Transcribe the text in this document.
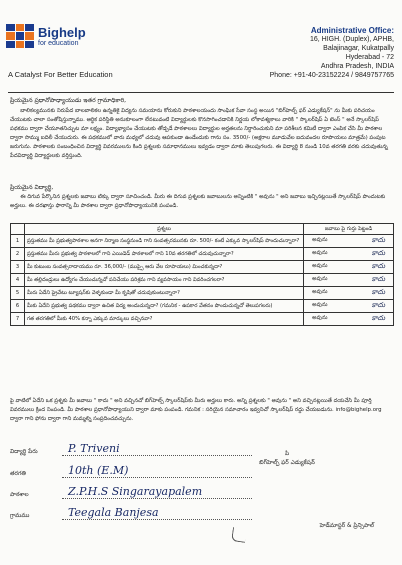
Bighelp
for education
A Catalyst For Better Education
Administrative Office:
16, HIGH. (Duplex), APHB,
Balajinagar, Kukatpally
Hyderabad - 72
Andhra Pradesh, INDIA
Phone: +91-40-23152224 / 9849757765
ప్రియమైన ప్రధానోపాధ్యాయుడు ఇతర గ్రామాధికారి,
బాలికల్యమునకు నిరుపేద బాలబాలికల ఉన్నతికై విద్యను సమయాను కోరుకుని పాఠశాలయందు సాంఘిక సేవా సంస్థ అయిన "బిగ్‌హెల్ప్ ఫర్ ఎడ్యుకేషన్" ను మీకు పరిచయం చేయుటకు చాలా సంతోషిస్తున్నాము. ఆర్థిక పరిస్థితి అనుకూలంగా లేనటువంటి విద్యార్థులకు కొనసాగించడానికి నిర్ణయ లోకావశ్యకాలు వారికి " స్కాలర్‌షిప్ ఏ టెంస్ " అనే స్కాలర్‌షిప్ పథకము ద్వారా చేయూతనిచ్చుట మా లక్ష్యం. విద్యాభ్యాసం చేయుటకు తోడ్పడే పాఠశాలలు విద్యార్థుల అర్హతలను నిర్ధారించుకుని మా పరిశీలన కమిటీ ద్వారా ఎంపిక చేసి మీ పాఠశాల ద్వారా సొమ్ము బదిలీ చేయుదురు. ఈ పథకములో వారు మధ్యలో చదువు ఆపకుండా ఉండేందుకు గాను సం. 3500/- (అక్షరాల మూడువేల ఐదువందల రూపాయలు మాత్రమే) పంపుట జరుగును. పాఠశాలకు సంబంధించిన విద్యార్థి వివరములను కింది ప్రశ్నలకు సమాధానములు ఇవ్వడం ద్వారా మాకు తెలుపుగలరు. ఈ విద్యార్థి 8 నుండి 10వ తరగతి వరకు చదువుతున్న పేదవిద్యార్థి విద్యార్థులకు వర్తిస్తుంది.
ప్రియమైన విద్యార్థి,
ఈ దిగువ పేర్కొనిన ప్రశ్నలకు జవాబు టిక్కు ద్వారా సూచించండి. మీరు ఈ దిగువ ప్రశ్నలకు జవాబులను అన్నింటికి " అవును " అని జవాబు ఇచ్చినట్లయితే స్కాలర్‌షిప్ పొందుటకు అర్హులు. ఈ దరఖాస్తు ఫారాన్ని మీ పాఠశాల ద్వారా ప్రధానోపాధ్యాయునికి పంపండి.
	ప్రశ్నలు	జవాబు పై గుర్తు పెట్టండి
1	ప్రస్తుతము మీ ప్రభుత్వపాఠశాల అనగా నిర్మాణ సంస్థనుండి గాని సంవత్సరమునకు రూ. 500/- కంటే ఎక్కువ స్కాలర్‌షిప్ పొందుచున్నారా?	అవును కాదు

2	ప్రస్తుతము మీరు ప్రభుత్వ పాఠశాలలో గాని ఎయిడెడ్ పాఠశాలలో గాని 10వ తరగతిలో చదువుచున్నారా?	అవును కాదు

3	మీ కుటుంబ సంవత్సరాదాయము రూ. 36,000/- (ముప్పై ఆరు వేల రూపాయలు) మించకున్నదా?	అవును కాదు

4	మీ తల్లిదండ్రులు ఉద్యోగం చేయుచున్నచో పనిచేయు పరిశ్రమ గాని వ్యవసాయం గాని వివరించగలరా?	అవును కాదు

5	మీరు ఏదేని ప్రైవేటు ట్యూషన్‌కు వెళ్ళకుండా మీ కృషితో చదువుకుంటున్నారా?	అవును కాదు

6	మీకు ఏదేని ప్రభుత్వ పథకము ద్వారా ఉచిత విద్య అందుచున్నదా? (గమనిక - ఉపకార వేతనం పొందుచున్నచో తెలుపగలరు)	అవును కాదు

7	గత తరగతిలో మీకు 40% కన్నా ఎక్కువ మార్కులు వచ్చినవా?	అవును కాదు
పై వాటిలో ఏదేని ఒక ప్రశ్నకు మీ జవాబు " కాదు " అని వచ్చినచో బిగ్‌హెల్ప్ స్కాలర్‌షిప్‌కు మీరు అర్హులు కారు. అన్ని ప్రశ్నలకు " అవును " అని వచ్చినట్లయితే దయచేసి మీ పూర్తి వివరములు క్రింద నింపండి. మీ పాఠశాల ప్రధానోపాధ్యాయుని ద్వారా మాకు పంపండి. గమనిక : సరియైన సమాచారం ఇవ్వనిచో స్కాలర్‌షిప్ రద్దు చేయబడును. info@bighelp.org ద్వారా గాని ఫోను ద్వారా గాని మమ్మల్ని సంప్రదించవచ్చును.
విద్యార్థి పేరు	P. Triveni
తరగతి	10th (E.M)
పాఠశాల	Z.P.H.S Singarayapalem
గ్రామము	Teegala Banjesa
పి
బిగ్‌హెల్ప్ ఫర్ ఎడ్యుకేషన్
హెడ్‌మాస్టర్ & ప్రిన్సిపాల్
